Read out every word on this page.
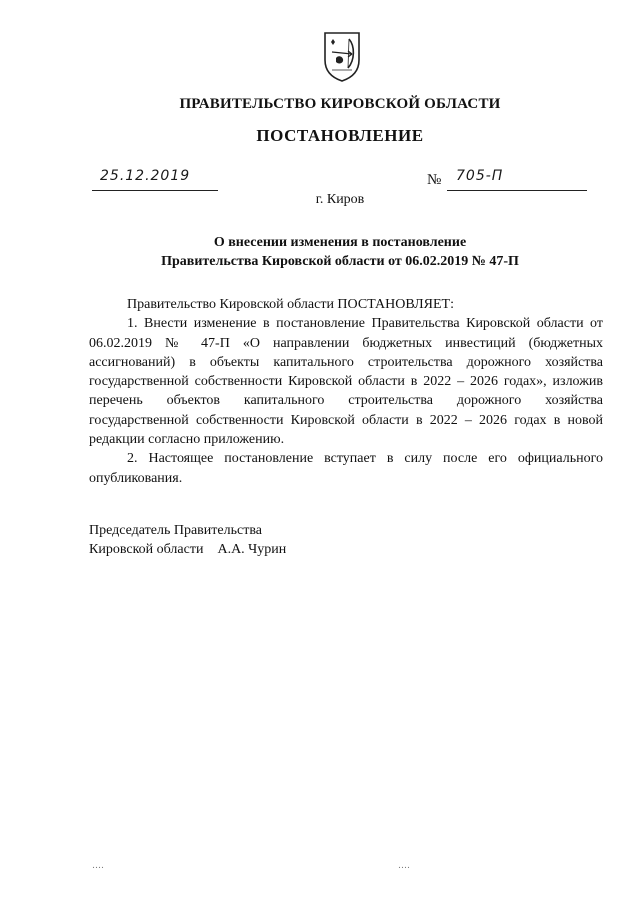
ПРАВИТЕЛЬСТВО КИРОВСКОЙ ОБЛАСТИ
ПОСТАНОВЛЕНИЕ
25.12.2019	№ 705-П
г. Киров
О внесении изменения в постановление
Правительства Кировской области от 06.02.2019 № 47-П

Правительство Кировской области ПОСТАНОВЛЯЕТ:

1. Внести изменение в постановление Правительства Кировской области от 06.02.2019 № 47-П «О направлении бюджетных инвестиций (бюджетных ассигнований) в объекты капитального строительства дорожного хозяйства государственной собственности Кировской области в 2022 – 2026 годах», изложив перечень объектов капитального строительства дорожного хозяйства государственной собственности Кировской области в 2022 – 2026 годах в новой редакции согласно приложению.

2. Настоящее постановление вступает в силу после его официального опубликования.

Председатель Правительства
Кировской области    А.А. Чурин
‥‥	‥‥
